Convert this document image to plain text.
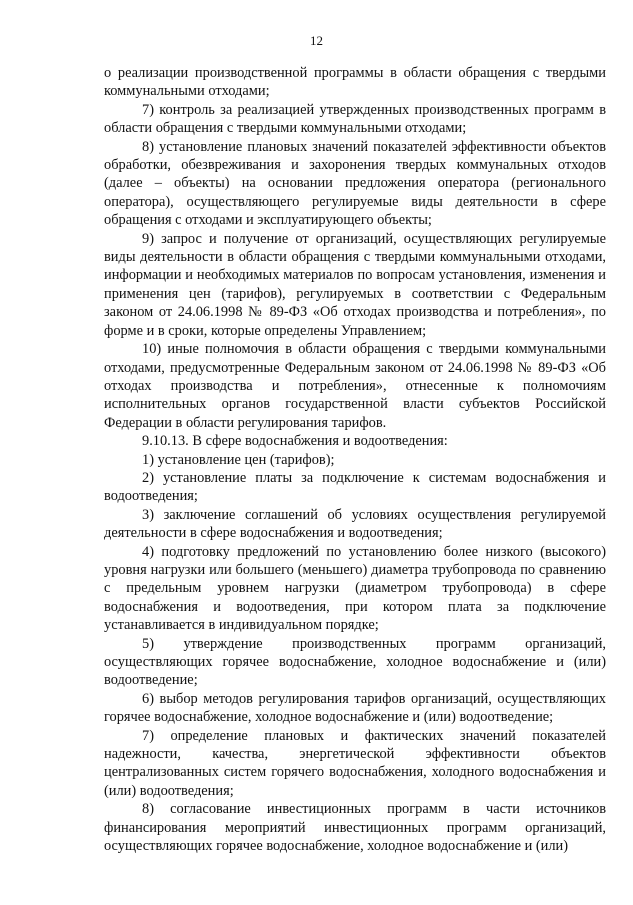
12

о реализации производственной программы в области обращения с твердыми коммунальными отходами;

7) контроль за реализацией утвержденных производственных программ в области обращения с твердыми коммунальными отходами;

8) установление плановых значений показателей эффективности объектов обработки, обезвреживания и захоронения твердых коммунальных отходов (далее – объекты) на основании предложения оператора (регионального оператора), осуществляющего регулируемые виды деятельности в сфере обращения с отходами и эксплуатирующего объекты;

9) запрос и получение от организаций, осуществляющих регулируемые виды деятельности в области обращения с твердыми коммунальными отходами, информации и необходимых материалов по вопросам установления, изменения и применения цен (тарифов), регулируемых в соответствии с Федеральным законом от 24.06.1998 № 89-ФЗ «Об отходах производства и потребления», по форме и в сроки, которые определены Управлением;

10) иные полномочия в области обращения с твердыми коммунальными отходами, предусмотренные Федеральным законом от 24.06.1998 № 89-ФЗ «Об отходах производства и потребления», отнесенные к полномочиям исполнительных органов государственной власти субъектов Российской Федерации в области регулирования тарифов.

9.10.13. В сфере водоснабжения и водоотведения:

1) установление цен (тарифов);

2) установление платы за подключение к системам водоснабжения и водоотведения;

3) заключение соглашений об условиях осуществления регулируемой деятельности в сфере водоснабжения и водоотведения;

4) подготовку предложений по установлению более низкого (высокого) уровня нагрузки или большего (меньшего) диаметра трубопровода по сравнению с предельным уровнем нагрузки (диаметром трубопровода) в сфере водоснабжения и водоотведения, при котором плата за подключение устанавливается в индивидуальном порядке;

5) утверждение производственных программ организаций, осуществляющих горячее водоснабжение, холодное водоснабжение и (или) водоотведение;

6) выбор методов регулирования тарифов организаций, осуществляющих горячее водоснабжение, холодное водоснабжение и (или) водоотведение;

7) определение плановых и фактических значений показателей надежности, качества, энергетической эффективности объектов централизованных систем горячего водоснабжения, холодного водоснабжения и (или) водоотведения;

8) согласование инвестиционных программ в части источников финансирования мероприятий инвестиционных программ организаций, осуществляющих горячее водоснабжение, холодное водоснабжение и (или)
